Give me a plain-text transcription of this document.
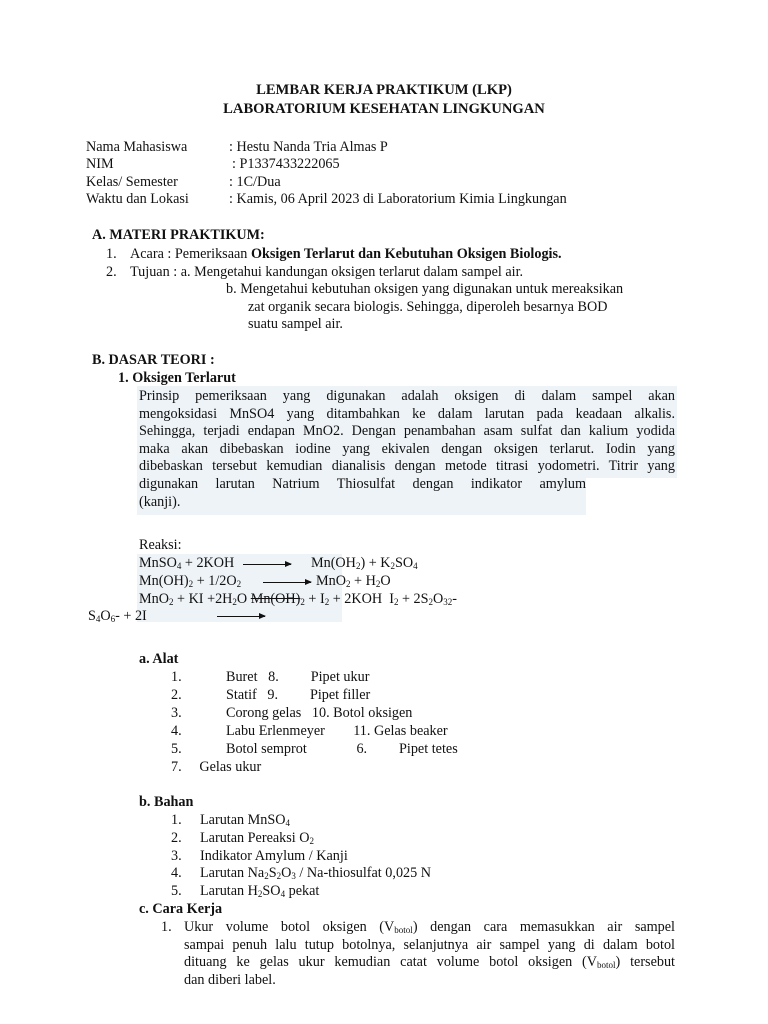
LEMBAR KERJA PRAKTIKUM (LKP)
LABORATORIUM KESEHATAN LINGKUNGAN
Nama Mahasiswa	: Hestu Nanda Tria Almas P
NIM	: P1337433222065
Kelas/ Semester	: 1C/Dua
Waktu dan Lokasi	: Kamis, 06 April 2023 di Laboratorium Kimia Lingkungan
A. MATERI PRAKTIKUM:
1. Acara : Pemeriksaan Oksigen Terlarut dan Kebutuhan Oksigen Biologis.
2. Tujuan : a. Mengetahui kandungan oksigen terlarut dalam sampel air.
b. Mengetahui kebutuhan oksigen yang digunakan untuk mereaksikan
zat organik secara biologis. Sehingga, diperoleh besarnya BOD
suatu sampel air.
B. DASAR TEORI :
1. Oksigen Terlarut
Prinsip pemeriksaan yang digunakan adalah oksigen di dalam sampel akan
mengoksidasi MnSO4 yang ditambahkan ke dalam larutan pada keadaan alkalis.
Sehingga, terjadi endapan MnO2. Dengan penambahan asam sulfat dan kalium yodida
maka akan dibebaskan iodine yang ekivalen dengan oksigen terlarut. Iodin yang
dibebaskan tersebut kemudian dianalisis dengan metode titrasi yodometri. Titrir yang
digunakan larutan Natrium Thiosulfat dengan indikator amylum
(kanji).
Reaksi:
MnSO$_4$ + $2KOH \to Mn(OH_2) + K_2SO_4$
$Mn(OH)_2 + 1/2O_2 \to MnO_2 + H_2O$
MnO$_2$ + KI $+2H_2O$ $Mn(OH)_2 + I_2 + 2KOH$  $I_2 + 2S_2O_{32}-$
$S_4O_6- + 2I$
a. Alat
1.	Buret   8.         Pipet ukur
2.	Statif   9.         Pipet filler
3.	Corong gelas   10. Botol oksigen
4.	Labu Erlenmeyer        11. Gelas beaker
5.	Botol semprot              6.         Pipet tetes
7.     Gelas ukur
b. Bahan
1. Larutan MnSO$_4$
2. Larutan Pereaksi $O_2$
3. Indikator Amylum / Kanji
4. Larutan $Na_2S_2O_3$ / Na-thiosulfat 0,025 N
5. Larutan $H_2SO_4$ pekat
c. Cara Kerja
1. Ukur volume botol oksigen $(V_{botol})$ dengan cara memasukkan air sampel
sampai penuh lalu tutup botolnya, selanjutnya air sampel yang di dalam botol
dituang ke gelas ukur kemudian catat volume botol oksigen $(V_{botol})$ tersebut
dan diberi label.
